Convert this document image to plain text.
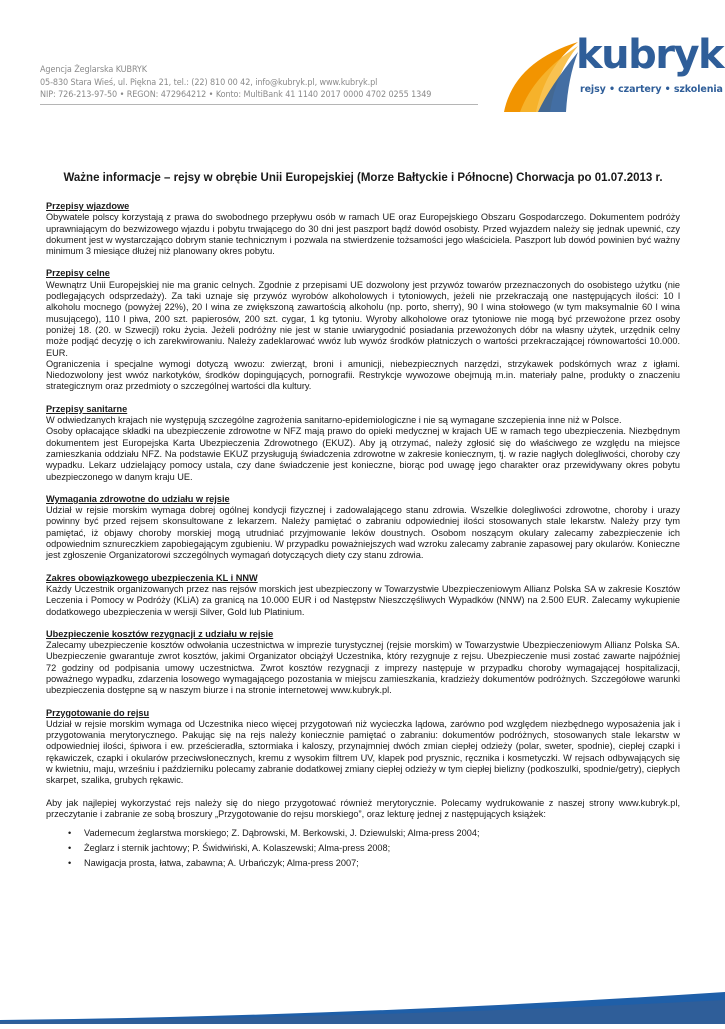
Agencja Żeglarska KUBRYK
05-830 Stara Wieś, ul. Piękna 21, tel.: (22) 810 00 42, info@kubryk.pl, www.kubryk.pl
NIP: 726-213-97-50 • REGON: 472964212 • Konto: MultiBank 41 1140 2017 0000 4702 0255 1349
kubryk
rejsy • czartery • szkolenia
Ważne informacje – rejsy w obrębie Unii Europejskiej (Morze Bałtyckie i Północne) Chorwacja po 01.07.2013 r.
Przepisy wjazdowe

Obywatele polscy korzystają z prawa do swobodnego przepływu osób w ramach UE oraz Europejskiego Obszaru Gospodarczego. Dokumentem podróży uprawniającym do bezwizowego wjazdu i pobytu trwającego do 30 dni jest paszport bądź dowód osobisty. Przed wyjazdem należy się jednak upewnić, czy dokument jest w wystarczająco dobrym stanie technicznym i pozwala na stwierdzenie tożsamości jego właściciela. Paszport lub dowód powinien być ważny minimum 3 miesiące dłużej niż planowany okres pobytu.

Przepisy celne

Wewnątrz Unii Europejskiej nie ma granic celnych. Zgodnie z przepisami UE dozwolony jest przywóz towarów przeznaczonych do osobistego użytku (nie podlegających odsprzedaży). Za taki uznaje się przywóz wyrobów alkoholowych i tytoniowych, jeżeli nie przekraczają one następujących ilości: 10 l alkoholu mocnego (powyżej 22%), 20 l wina ze zwiększoną zawartością alkoholu (np. porto, sherry), 90 l wina stołowego (w tym maksymalnie 60 l wina musującego), 110 l piwa, 200 szt. papierosów, 200 szt. cygar, 1 kg tytoniu. Wyroby alkoholowe oraz tytoniowe nie mogą być przewożone przez osoby poniżej 18. (20. w Szwecji) roku życia. Jeżeli podróżny nie jest w stanie uwiarygodnić posiadania przewożonych dóbr na własny użytek, urzędnik celny może podjąć decyzję o ich zarekwirowaniu. Należy zadeklarować wwóz lub wywóz środków płatniczych o wartości przekraczającej równowartości 10.000. EUR.

Ograniczenia i specjalne wymogi dotyczą wwozu: zwierząt, broni i amunicji, niebezpiecznych narzędzi, strzykawek podskórnych wraz z igłami. Niedozwolony jest wwóz narkotyków, środków dopingujących, pornografii. Restrykcje wywozowe obejmują m.in. materiały palne, produkty o znaczeniu strategicznym oraz przedmioty o szczególnej wartości dla kultury.

Przepisy sanitarne

W odwiedzanych krajach nie występują szczególne zagrożenia sanitarno-epidemiologiczne i nie są wymagane szczepienia inne niż w Polsce.

Osoby opłacające składki na ubezpieczenie zdrowotne w NFZ mają prawo do opieki medycznej w krajach UE w ramach tego ubezpieczenia. Niezbędnym dokumentem jest Europejska Karta Ubezpieczenia Zdrowotnego (EKUZ). Aby ją otrzymać, należy zgłosić się do właściwego ze względu na miejsce zamieszkania oddziału NFZ. Na podstawie EKUZ przysługują świadczenia zdrowotne w zakresie koniecznym, tj. w razie nagłych dolegliwości, choroby czy wypadku. Lekarz udzielający pomocy ustala, czy dane świadczenie jest konieczne, biorąc pod uwagę jego charakter oraz przewidywany okres pobytu ubezpieczonego w danym kraju UE.

Wymagania zdrowotne do udziału w rejsie

Udział w rejsie morskim wymaga dobrej ogólnej kondycji fizycznej i zadowalającego stanu zdrowia. Wszelkie dolegliwości zdrowotne, choroby i urazy powinny być przed rejsem skonsultowane z lekarzem. Należy pamiętać o zabraniu odpowiedniej ilości stosowanych stale lekarstw. Należy przy tym pamiętać, iż objawy choroby morskiej mogą utrudniać przyjmowanie leków doustnych. Osobom noszącym okulary zalecamy zabezpieczenie ich odpowiednim sznureczkiem zapobiegającym zgubieniu. W przypadku poważniejszych wad wzroku zalecamy zabranie zapasowej pary okularów. Konieczne jest zgłoszenie Organizatorowi szczególnych wymagań dotyczących diety czy stanu zdrowia.

Zakres obowiązkowego ubezpieczenia KL i NNW

Każdy Uczestnik organizowanych przez nas rejsów morskich jest ubezpieczony w Towarzystwie Ubezpieczeniowym Allianz Polska SA w zakresie Kosztów Leczenia i Pomocy w Podróży (KLiA) za granicą na 10.000 EUR i od Następstw Nieszczęśliwych Wypadków (NNW) na 2.500 EUR. Zalecamy wykupienie dodatkowego ubezpieczenia w wersji Silver, Gold lub Platinium.

Ubezpieczenie kosztów rezygnacji z udziału w rejsie

Zalecamy ubezpieczenie kosztów odwołania uczestnictwa w imprezie turystycznej (rejsie morskim) w Towarzystwie Ubezpieczeniowym Allianz Polska SA. Ubezpieczenie gwarantuje zwrot kosztów, jakimi Organizator obciążył Uczestnika, który rezygnuje z rejsu. Ubezpieczenie musi zostać zawarte najpóźniej 72 godziny od podpisania umowy uczestnictwa. Zwrot kosztów rezygnacji z imprezy następuje w przypadku choroby wymagającej hospitalizacji, poważnego wypadku, zdarzenia losowego wymagającego pozostania w miejscu zamieszkania, kradzieży dokumentów podróżnych. Szczegółowe warunki ubezpieczenia dostępne są w naszym biurze i na stronie internetowej www.kubryk.pl.

Przygotowanie do rejsu

Udział w rejsie morskim wymaga od Uczestnika nieco więcej przygotowań niż wycieczka lądowa, zarówno pod względem niezbędnego wyposażenia jak i przygotowania merytorycznego. Pakując się na rejs należy koniecznie pamiętać o zabraniu: dokumentów podróżnych, stosowanych stale lekarstw w odpowiedniej ilości, śpiwora i ew. prześcieradła, sztormiaka i kaloszy, przynajmniej dwóch zmian ciepłej odzieży (polar, sweter, spodnie), ciepłej czapki i rękawiczek, czapki i okularów przeciwsłonecznych, kremu z wysokim filtrem UV, klapek pod prysznic, ręcznika i kosmetyczki. W rejsach odbywających się w kwietniu, maju, wrześniu i październiku polecamy zabranie dodatkowej zmiany ciepłej odzieży w tym ciepłej bielizny (podkoszulki, spodnie/getry), ciepłych skarpet, szalika, grubych rękawic.

Aby jak najlepiej wykorzystać rejs należy się do niego przygotować również merytorycznie. Polecamy wydrukowanie z naszej strony www.kubryk.pl, przeczytanie i zabranie ze sobą broszury „Przygotowanie do rejsu morskiego”, oraz lekturę jednej z następujących książek:

• Vademecum żeglarstwa morskiego; Z. Dąbrowski, M. Berkowski, J. Dziewulski; Alma-press 2004;
• Żeglarz i sternik jachtowy; P. Świdwiński, A. Kolaszewski; Alma-press 2008;
• Nawigacja prosta, łatwa, zabawna; A. Urbańczyk; Alma-press 2007;
